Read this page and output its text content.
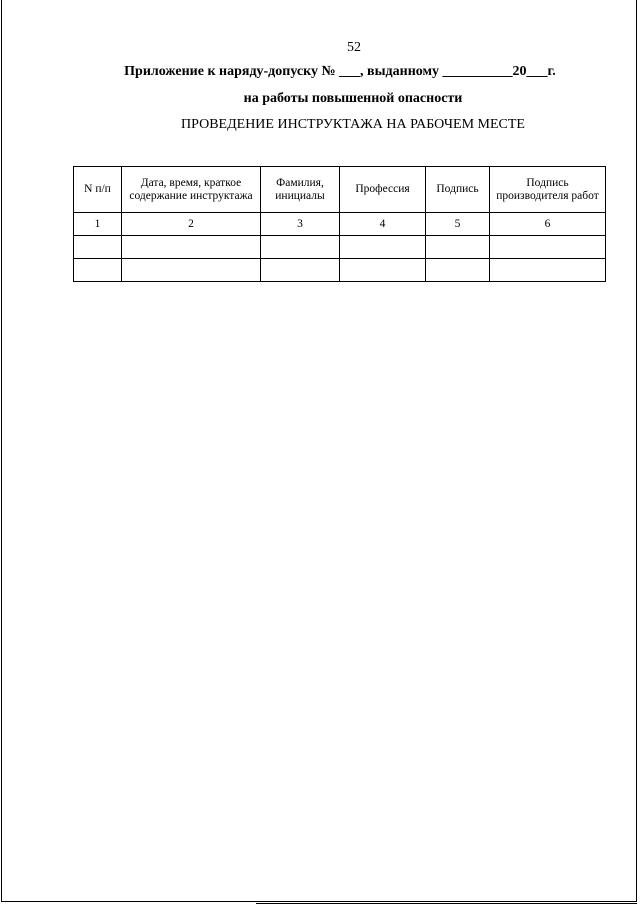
52
Приложение к наряду-допуску № ___, выданному __________20___г.
на работы повышенной опасности
ПРОВЕДЕНИЕ ИНСТРУКТАЖА НА РАБОЧЕМ МЕСТЕ
N п/п	Дата, время, краткое содержание инструктажа	Фамилия, инициалы	Профессия	Подпись	Подпись производителя работ
1	2	3	4	5	6
